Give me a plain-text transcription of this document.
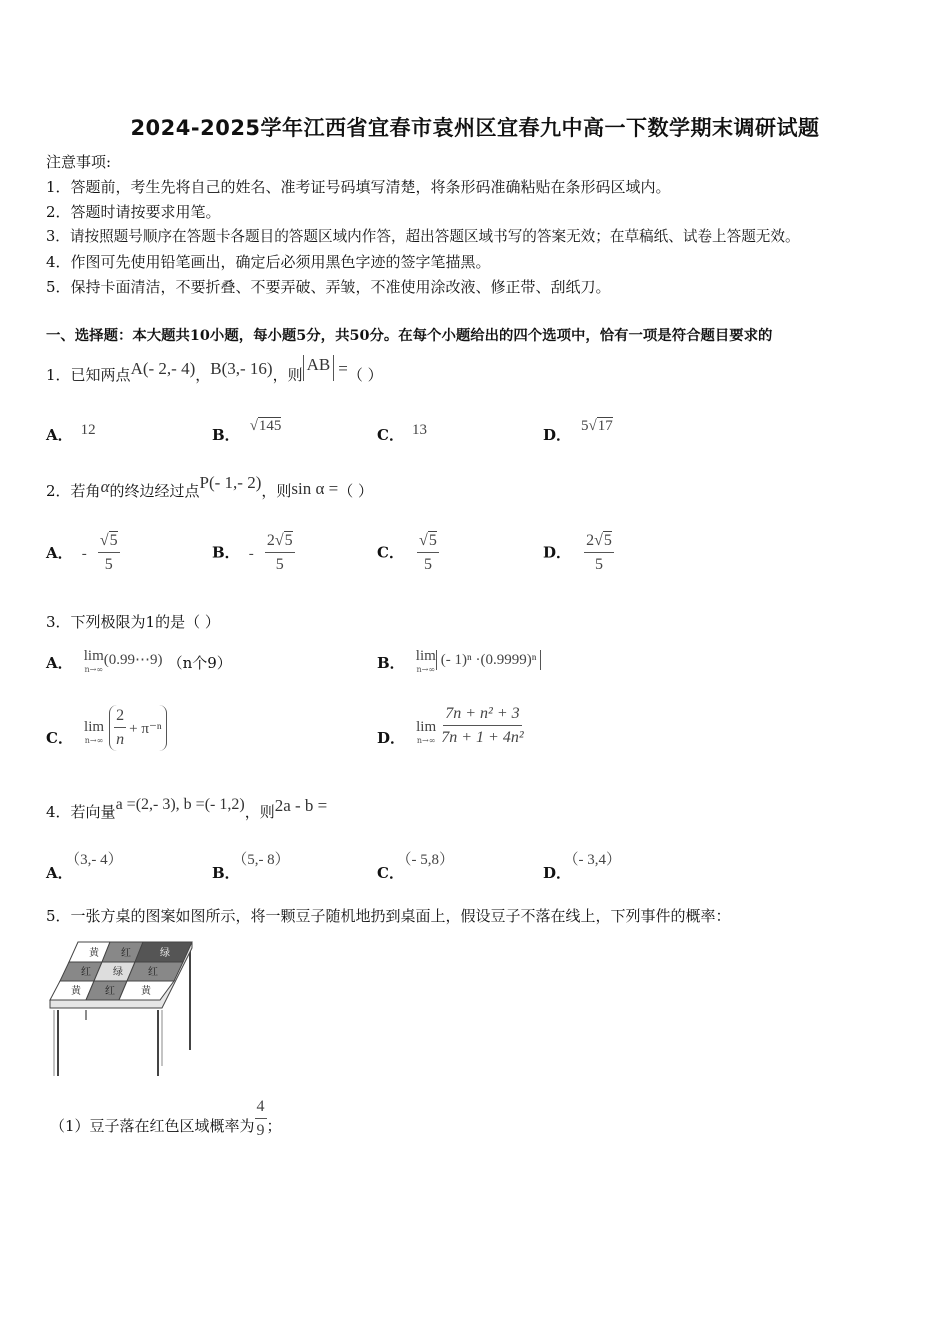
2024-2025学年江西省宜春市袁州区宜春九中高一下数学期末调研试题
注意事项:
1．答题前，考生先将自己的姓名、准考证号码填写清楚，将条形码准确粘贴在条形码区域内。
2．答题时请按要求用笔。
3．请按照题号顺序在答题卡各题目的答题区域内作答，超出答题区域书写的答案无效；在草稿纸、试卷上答题无效。
4．作图可先使用铅笔画出，确定后必须用黑色字迹的签字笔描黑。
5．保持卡面清洁，不要折叠、不要弄破、弄皱，不准使用涂改液、修正带、刮纸刀。
一、选择题：本大题共10小题，每小题5分，共50分。在每个小题给出的四个选项中，恰有一项是符合题目要求的
1．已知两点A(- 2,- 4)，B(3,- 16)，则AB =（ ）
A． 12	B． √145	C． 13	D． 5√17
2．若角α的终边经过点P(- 1,- 2)，则sin α =（ ）
A． - $\frac{√5}{5}$	B． - $\frac{2√5}{5}$	C． $\frac{√5}{5}$	D． $\frac{2√5}{5}$
3．下列极限为1的是（ ）
A． lim
n→∞
(0.99⋯9) （n个9）	B． lim
n→∞
(- 1)ⁿ ·(0.9999)ⁿ
C．
lim
n→∞
$\frac{2}{n} + \pi^{-n}$
D．
lim
n→∞
$\frac{\text{7n + n² + 3}}{\text{7n + 1 + 4n²}}$
4．若向量a =(2,- 3), b =(- 1,2)，则2a - b =
A．（3,- 4）
B．（5,- 8）
C．（- 5,8）
D．（- 3,4）
5．一张方桌的图案如图所示，将一颗豆子随机地扔到桌面上，假设豆子不落在线上，下列事件的概率：
黄 红	绿
红 绿	红
黄 红	黄
（1）豆子落在红色区域概率为 $\frac{4}{9}$ ；
